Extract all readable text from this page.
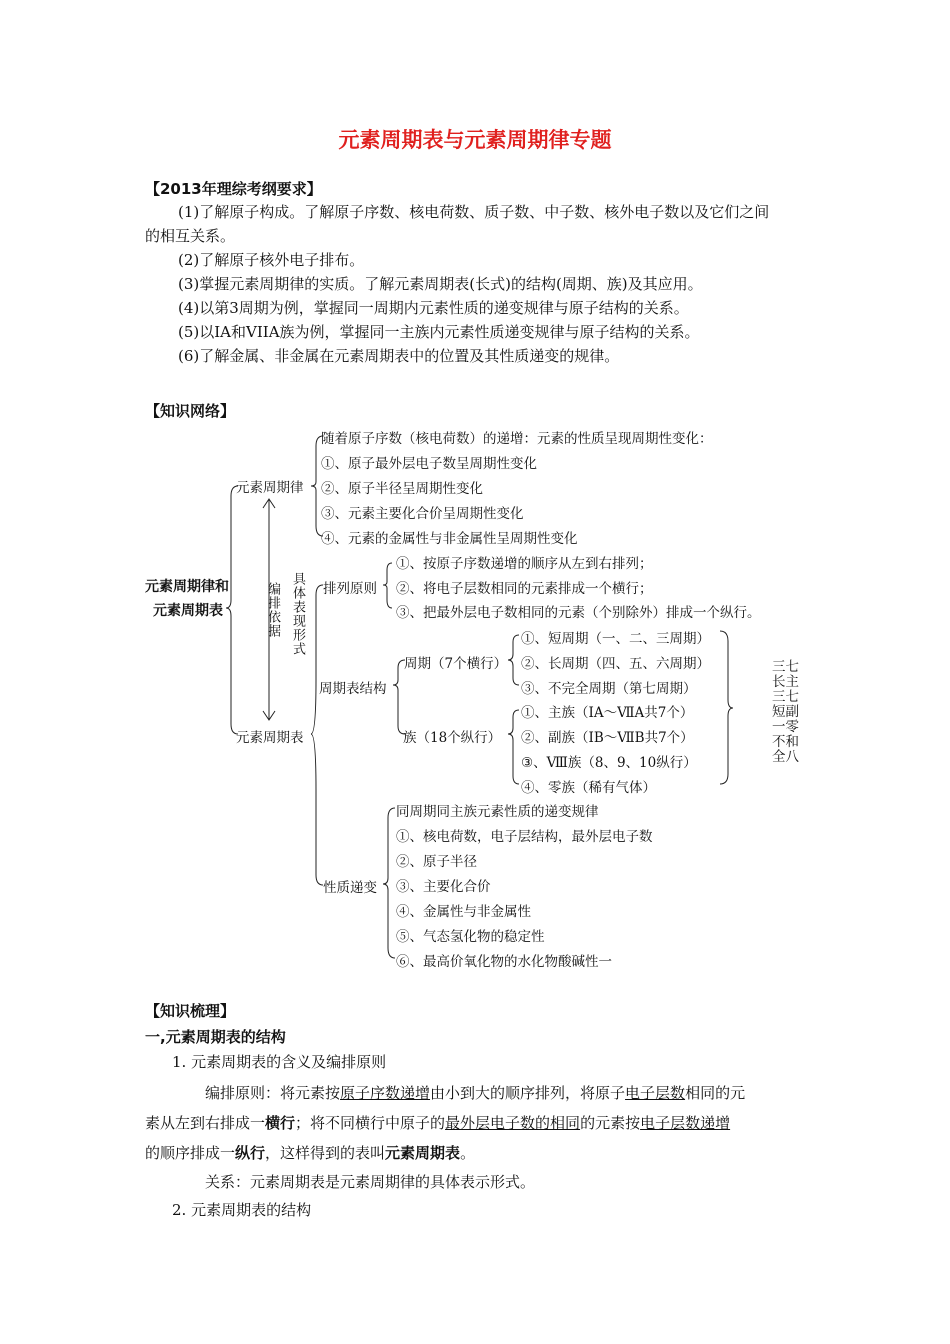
元素周期表与元素周期律专题
【2013年理综考纲要求】
(1)了解原子构成。了解原子序数、核电荷数、质子数、中子数、核外电子数以及它们之间
的相互关系。
(2)了解原子核外电子排布。
(3)掌握元素周期律的实质。了解元素周期表(长式)的结构(周期、族)及其应用。
(4)以第3周期为例，掌握同一周期内元素性质的递变规律与原子结构的关系。
(5)以IA和VIIA族为例，掌握同一主族内元素性质递变规律与原子结构的关系。
(6)了解金属、非金属在元素周期表中的位置及其性质递变的规律。
【知识网络】
元素周期律和
元素周期表
元素周期律
随着原子序数（核电荷数）的递增：元素的性质呈现周期性变化：
①、原子最外层电子数呈周期性变化
②、原子半径呈周期性变化
③、元素主要化合价呈周期性变化
④、元素的金属性与非金属性呈周期性变化
编排依据 具体表现形式
元素周期表
排列原则
①、按原子序数递增的顺序从左到右排列；
②、将电子层数相同的元素排成一个横行；
③、把最外层电子数相同的元素（个别除外）排成一个纵行。
周期表结构
周期（7个横行）
①、短周期（一、二、三周期）
②、长周期（四、五、六周期）
③、不完全周期（第七周期）
族（18个纵行）
①、主族（ⅠA～ⅦA共7个）
②、副族（ⅠB～ⅦB共7个）
③、Ⅷ族（8、9、10纵行）
④、零族（稀有气体）
三七
长主
三七
短副
一零
不和
全八
性质递变
同周期同主族元素性质的递变规律
①、核电荷数，电子层结构，最外层电子数
②、原子半径
③、主要化合价
④、金属性与非金属性
⑤、气态氢化物的稳定性
⑥、最高价氧化物的水化物酸碱性一
【知识梳理】
一,元素周期表的结构
1. 元素周期表的含义及编排原则
编排原则：将元素按原子序数递增由小到大的顺序排列，将原子电子层数相同的元
素从左到右排成一横行；将不同横行中原子的最外层电子数的相同的元素按电子层数递增
的顺序排成一纵行，这样得到的表叫元素周期表。
关系：元素周期表是元素周期律的具体表示形式。
2. 元素周期表的结构
